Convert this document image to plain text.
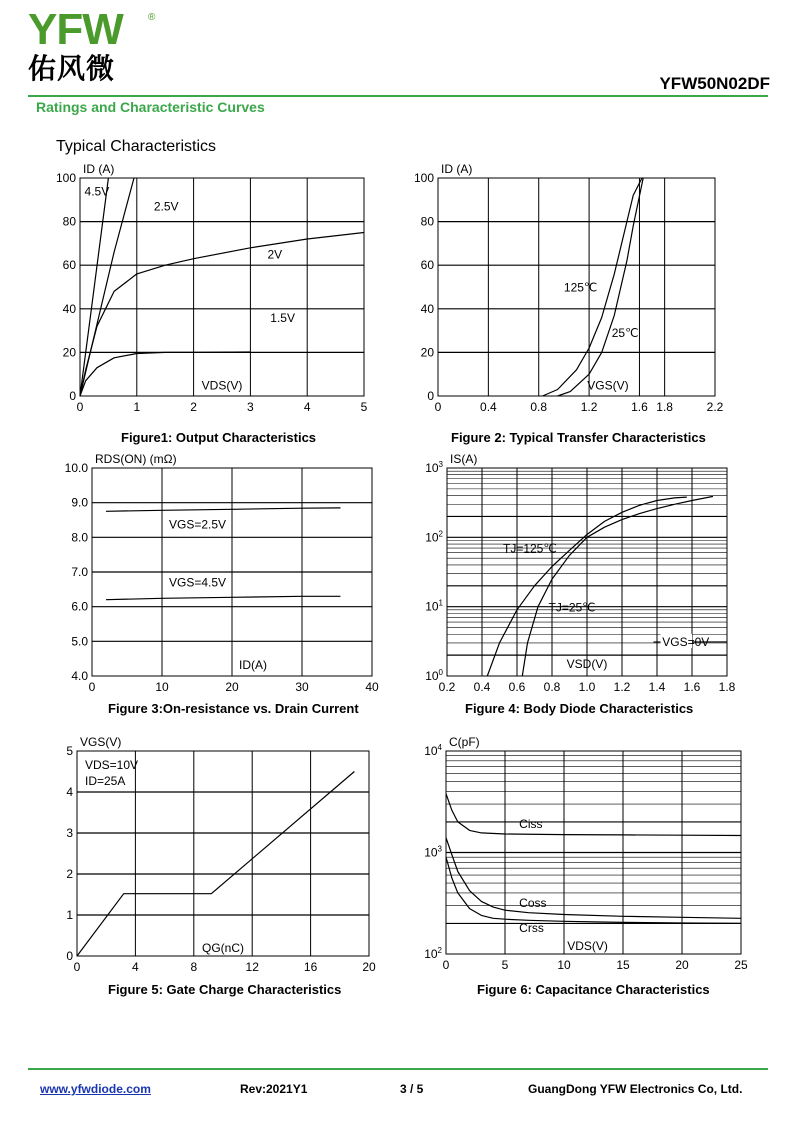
YFW	®
佑风微	YFW50N02DF
Ratings and Characteristic Curves
Typical Characteristics
0	1	2	3	4	5
0
20
40
60
80
100
ID (A)
4.5V
2.5V
2V
1.5V
VDS(V)
0	0.4	0.8	1.2	1.6 1.8	2.2
0
20
40
60
80
100
ID (A)
125℃
25℃
VGS(V)
0	10	20	30	40
4.0
5.0
6.0
7.0
8.0
9.0
10.0
RDS(ON) (mΩ)
VGS=2.5V
VGS=4.5V
ID(A)
0.2 0.4 0.6 0.8 1.0 1.2 1.4 1.6 1.8
$10^0$
$10^1$
$10^2$
$10^3$ IS(A)
TJ=125℃
TJ=25℃
VSD(V)
VGS=0V
0	4	8	12	16	20
0
1
2
3
4
5
VGS(V)
QG(nC)
VDS=10V
ID=25A
0	5	10	15	20	25
$10^2$
$10^3$
$10^4$ C(pF)
Ciss
Coss
Crss
VDS(V)
Figure1: Output Characteristics	Figure 2: Typical Transfer Characteristics
Figure 3:On-resistance vs. Drain Current	Figure 4: Body Diode Characteristics
Figure 5: Gate Charge Characteristics	Figure 6: Capacitance Characteristics
www.yfwdiode.com	Rev:2021Y1	3 / 5	GuangDong YFW Electronics Co, Ltd.
